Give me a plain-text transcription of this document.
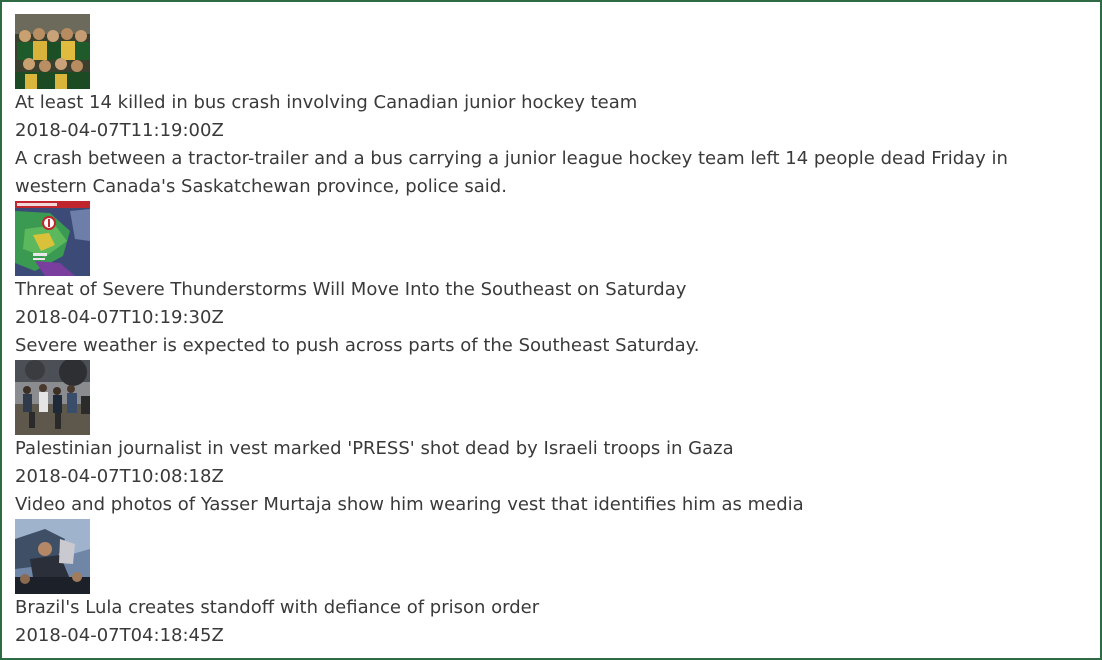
At least 14 killed in bus crash involving Canadian junior hockey team
2018-04-07T11:19:00Z
A crash between a tractor-trailer and a bus carrying a junior league hockey team left 14 people dead Friday in western Canada's Saskatchewan province, police said.
Threat of Severe Thunderstorms Will Move Into the Southeast on Saturday
2018-04-07T10:19:30Z
Severe weather is expected to push across parts of the Southeast Saturday.
Palestinian journalist in vest marked 'PRESS' shot dead by Israeli troops in Gaza
2018-04-07T10:08:18Z
Video and photos of Yasser Murtaja show him wearing vest that identifies him as media
Brazil's Lula creates standoff with defiance of prison order
2018-04-07T04:18:45Z
